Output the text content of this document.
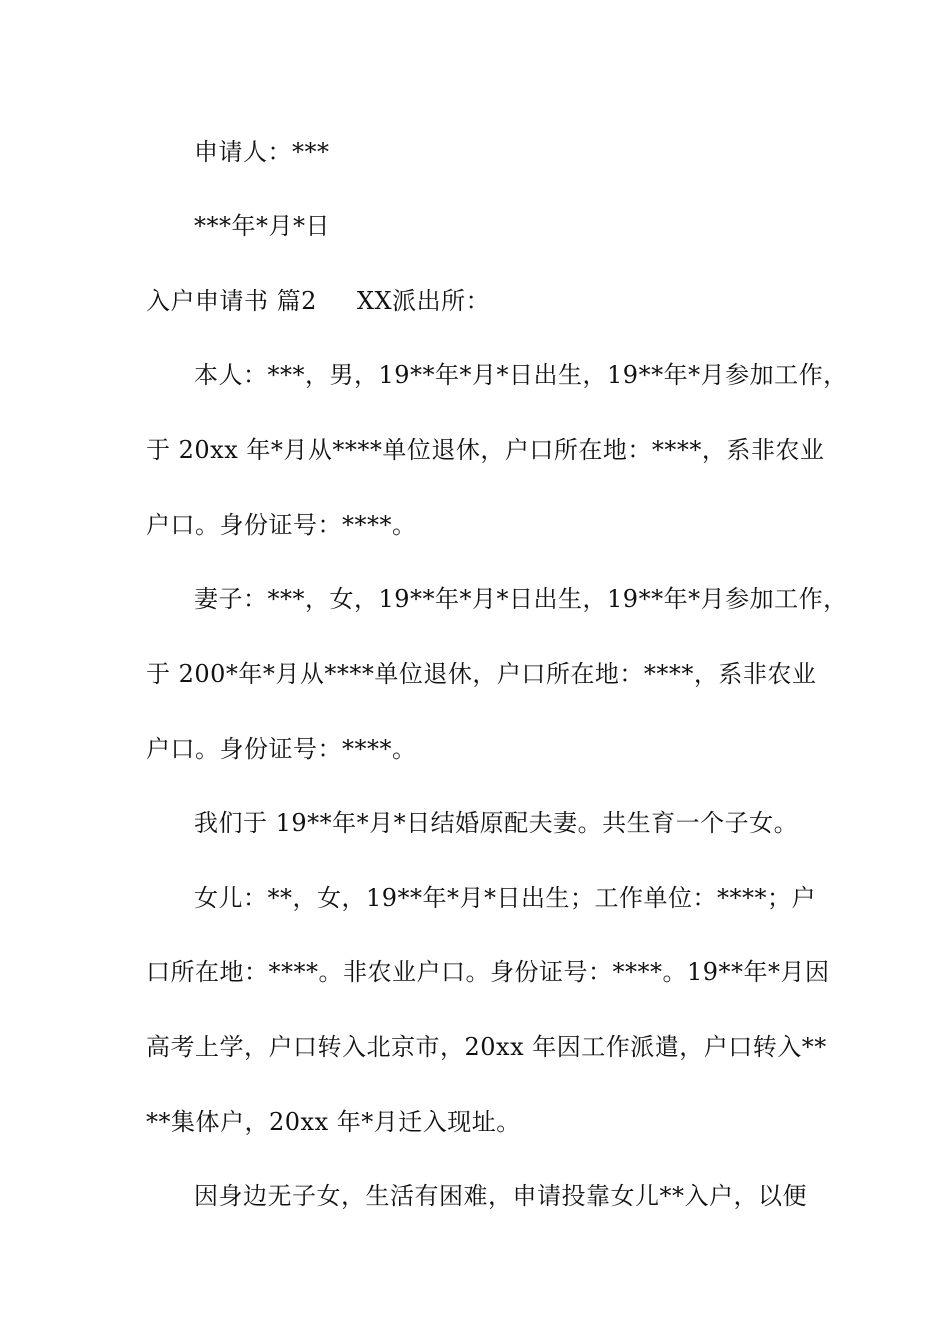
申请人：***
***年*月*日
入户申请书 篇2 XX派出所：
本人：***，男，19**年*月*日出生，19**年*月参加工作，
于 20xx 年*月从****单位退休，户口所在地：****，系非农业
户口。身份证号：****。
妻子：***，女，19**年*月*日出生，19**年*月参加工作，
于 200*年*月从****单位退休，户口所在地：****，系非农业
户口。身份证号：****。
我们于 19**年*月*日结婚原配夫妻。共生育一个子女。
女儿：**，女，19**年*月*日出生；工作单位：****；户
口所在地：****。非农业户口。身份证号：****。19**年*月因
高考上学，户口转入北京市，20xx 年因工作派遣，户口转入**
**集体户，20xx 年*月迁入现址。
因身边无子女，生活有困难，申请投靠女儿**入户，以便
